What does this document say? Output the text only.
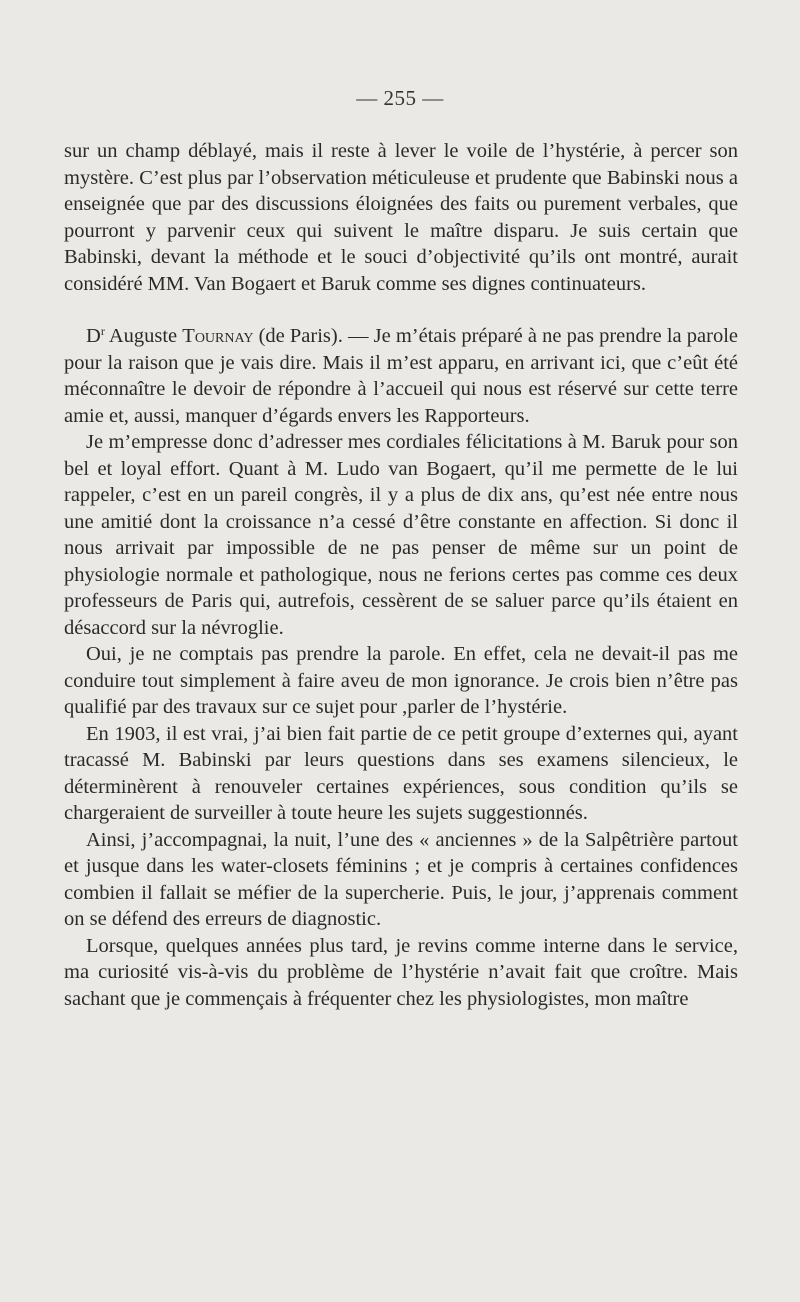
— 255 —

sur un champ déblayé, mais il reste à lever le voile de l’hystérie, à percer son mystère. C’est plus par l’observation méticuleuse et prudente que Babinski nous a enseignée que par des discussions éloignées des faits ou purement verbales, que pourront y parvenir ceux qui suivent le maître disparu. Je suis certain que Babinski, devant la méthode et le souci d’objectivité qu’ils ont montré, aurait considéré MM. Van Bogaert et Baruk comme ses dignes continuateurs.

$D^r$ Auguste Tournay (de Paris). — Je m’étais préparé à ne pas prendre la parole pour la raison que je vais dire. Mais il m’est apparu, en arrivant ici, que c’eût été méconnaître le devoir de répondre à l’accueil qui nous est réservé sur cette terre amie et, aussi, manquer d’égards envers les Rapporteurs.

Je m’empresse donc d’adresser mes cordiales félicitations à M. Baruk pour son bel et loyal effort. Quant à M. Ludo van Bogaert, qu’il me permette de le lui rappeler, c’est en un pareil congrès, il y a plus de dix ans, qu’est née entre nous une amitié dont la croissance n’a cessé d’être constante en affection. Si donc il nous arrivait par impossible de ne pas penser de même sur un point de physiologie normale et pathologique, nous ne ferions certes pas comme ces deux professeurs de Paris qui, autrefois, cessèrent de se saluer parce qu’ils étaient en désaccord sur la névroglie.

Oui, je ne comptais pas prendre la parole. En effet, cela ne devait-il pas me conduire tout simplement à faire aveu de mon ignorance. Je crois bien n’être pas qualifié par des travaux sur ce sujet pour ,parler de l’hystérie.

En 1903, il est vrai, j’ai bien fait partie de ce petit groupe d’externes qui, ayant tracassé M. Babinski par leurs questions dans ses examens silencieux, le déterminèrent à renouveler certaines expériences, sous condition qu’ils se chargeraient de surveiller à toute heure les sujets suggestionnés.

Ainsi, j’accompagnai, la nuit, l’une des « anciennes » de la Salpêtrière partout et jusque dans les water-closets féminins ; et je compris à certaines confidences combien il fallait se méfier de la supercherie. Puis, le jour, j’apprenais comment on se défend des erreurs de diagnostic.

Lorsque, quelques années plus tard, je revins comme interne dans le service, ma curiosité vis-à-vis du problème de l’hystérie n’avait fait que croître. Mais sachant que je commençais à fréquenter chez les physiologistes, mon maître
